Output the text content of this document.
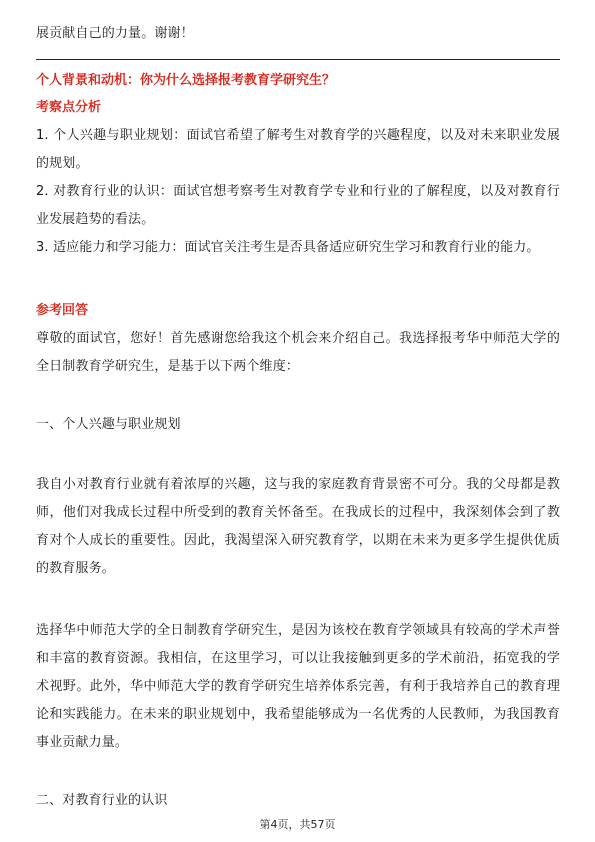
展贡献自己的力量。谢谢！

个人背景和动机：你为什么选择报考教育学研究生？

考察点分析

1. 个人兴趣与职业规划：面试官希望了解考生对教育学的兴趣程度，以及对未来职业发展的规划。

2. 对教育行业的认识：面试官想考察考生对教育学专业和行业的了解程度，以及对教育行业发展趋势的看法。

3. 适应能力和学习能力：面试官关注考生是否具备适应研究生学习和教育行业的能力。

参考回答

尊敬的面试官，您好！首先感谢您给我这个机会来介绍自己。我选择报考华中师范大学的全日制教育学研究生，是基于以下两个维度：

一、个人兴趣与职业规划

我自小对教育行业就有着浓厚的兴趣，这与我的家庭教育背景密不可分。我的父母都是教师，他们对我成长过程中所受到的教育关怀备至。在我成长的过程中，我深刻体会到了教育对个人成长的重要性。因此，我渴望深入研究教育学，以期在未来为更多学生提供优质的教育服务。

选择华中师范大学的全日制教育学研究生，是因为该校在教育学领域具有较高的学术声誉和丰富的教育资源。我相信，在这里学习，可以让我接触到更多的学术前沿，拓宽我的学术视野。此外，华中师范大学的教育学研究生培养体系完善，有利于我培养自己的教育理论和实践能力。在未来的职业规划中，我希望能够成为一名优秀的人民教师，为我国教育事业贡献力量。

二、对教育行业的认识

第4页，共57页
